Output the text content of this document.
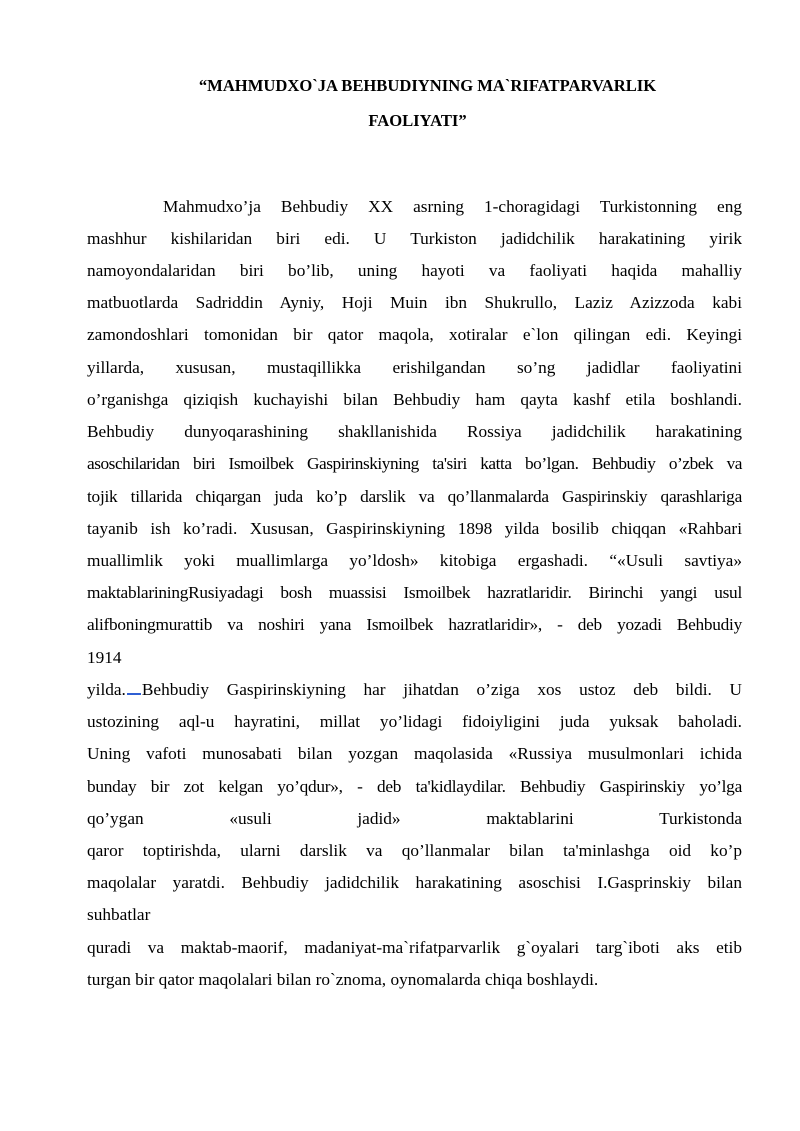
“MAHMUDXO`JA BEHBUDIYNING MA`RIFATPARVARLIK
FAOLIYATI”
Mahmudxo’ja Behbudiy XX asrning 1-choragidagi Turkistonning eng
mashhur kishilaridan biri edi. U Turkiston jadidchilik harakatining yirik
namoyondalaridan biri bo’lib, uning hayoti va faoliyati haqida mahalliy
matbuotlarda Sadriddin Ayniy, Hoji Muin ibn Shukrullo, Laziz Azizzoda kabi
zamondoshlari tomonidan bir qator maqola, xotiralar e`lon qilingan edi. Keyingi
yillarda, xususan, mustaqillikka erishilgandan so’ng jadidlar faoliyatini
o’rganishga qiziqish kuchayishi bilan Behbudiy ham qayta kashf etila boshlandi.
Behbudiy dunyoqarashining shakllanishida Rossiya jadidchilik harakatining
asoschilaridan biri Ismoilbek Gaspirinskiyning ta'siri katta bo’lgan. Behbudiy o’zbek va
tojik tillarida chiqargan juda ko’p darslik va qo’llanmalarda Gaspirinskiy qarashlariga
tayanib ish ko’radi. Xususan, Gaspirinskiyning 1898 yilda bosilib chiqqan «Rahbari
muallimlik yoki muallimlarga yo’ldosh» kitobiga ergashadi. “«Usuli savtiya»
maktablariningRusiyadagi bosh muassisi Ismoilbek hazratlaridir. Birinchi yangi usul
alifboningmurattib va noshiri yana Ismoilbek hazratlaridir», - deb yozadi Behbudiy
1914
yilda. Behbudiy Gaspirinskiyning har jihatdan o’ziga xos ustoz deb bildi. U
ustozining aql-u hayratini, millat yo’lidagi fidoiyligini juda yuksak baholadi.
Uning vafoti munosabati bilan yozgan maqolasida «Russiya musulmonlari ichida
bunday bir zot kelgan yo’qdur», - deb ta'kidlaydilar. Behbudiy Gaspirinskiy yo’lga
qo’ygan «usuli jadid» maktablarini Turkistonda
qaror toptirishda, ularni darslik va qo’llanmalar bilan ta'minlashga oid ko’p
maqolalar yaratdi. Behbudiy jadidchilik harakatining asoschisi I.Gasprinskiy bilan
suhbatlar
quradi va maktab-maorif, madaniyat-ma`rifatparvarlik g`oyalari targ`iboti aks etib
turgan bir qator maqolalari bilan ro`znoma, oynomalarda chiqa boshlaydi.
